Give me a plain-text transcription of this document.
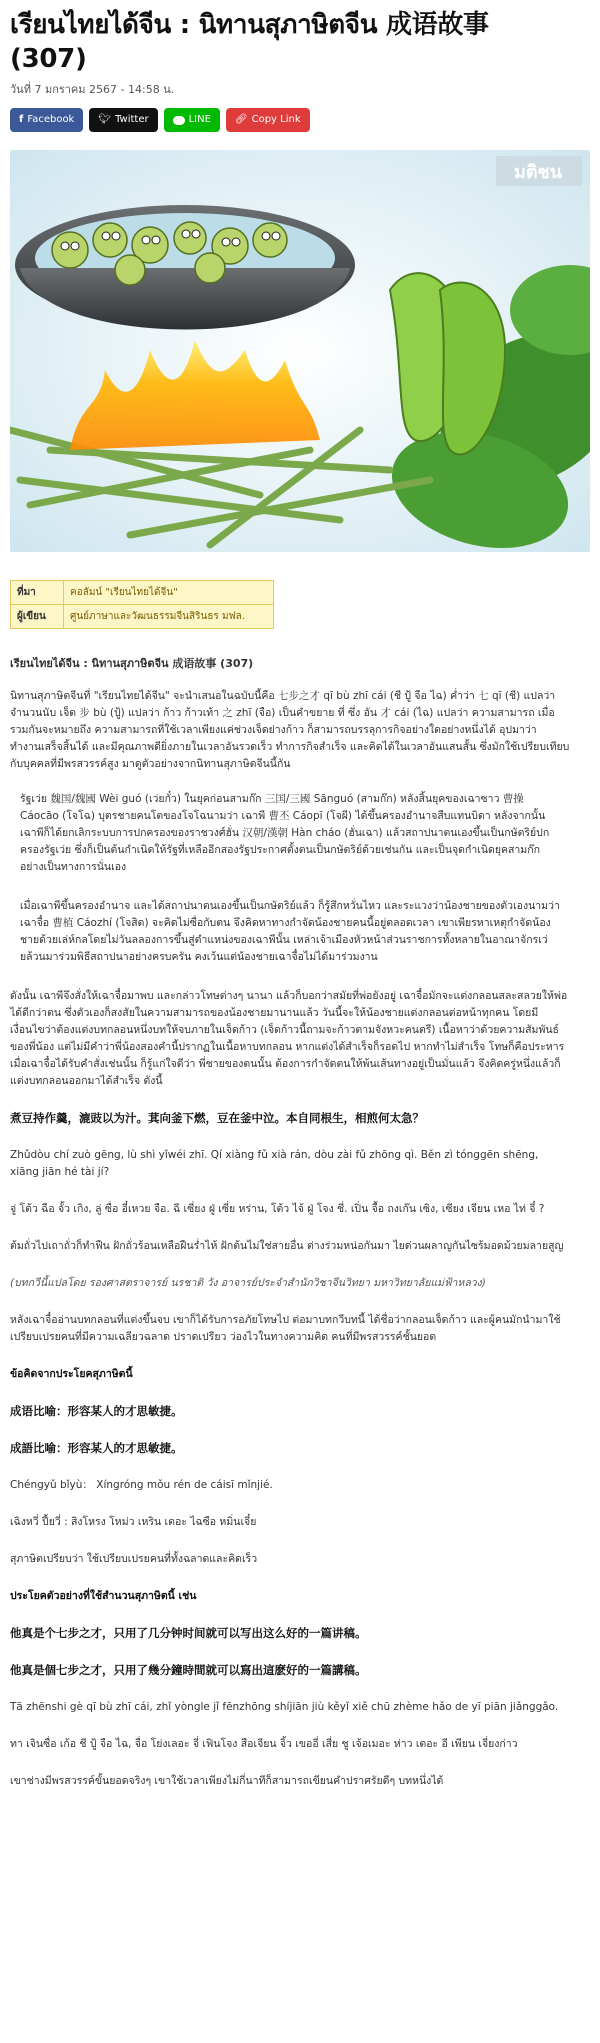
เรียนไทยได้จีน : นิทานสุภาษิตจีน 成语故事 (307)
วันที่ 7 มกราคม 2567 - 14:58 น.
f Facebook 🐦︎ Twitter	LINE 🔗︎ Copy Link
มติชน
ที่มา	คอลัมน์ "เรียนไทยได้จีน"
ผู้เขียน	ศูนย์ภาษาและวัฒนธรรมจีนสิรินธร มฟล.

เรียนไทยได้จีน : นิทานสุภาษิตจีน 成语故事 (307)

นิทานสุภาษิตจีนที่ "เรียนไทยได้จีน" จะนำเสนอในฉบับนี้คือ 七步之才 qī bù zhī cái (ชี ปู้ จือ ไฉ) ค่ำว่า 七 qī (ชี) แปลว่า จำนวนนับ เจ็ด 步 bù (ปู้) แปลว่า ก้าว ก้าวเท้า 之 zhī (จือ) เป็นคำขยาย ที่ ซึ่ง อัน 才 cái (ไฉ) แปลว่า ความสามารถ เมื่อรวมกันจะหมายถึง ความสามารถที่ใช้เวลาเพียงแค่ช่วงเจ็ดย่างก้าว ก็สามารถบรรลุการกิจอย่างใดอย่างหนึ่งได้ อุปมาว่า ทำงานเสร็จสิ้นได้ และมีคุณภาพดียิ่งภายในเวลาอันรวดเร็ว ทำการกิจสำเร็จ และคิดได้ในเวลาอันแสนสั้น ซึ่งมักใช้เปรียบเทียบกับบุคคลที่มีพรสวรรค์สูง มาดูตัวอย่างจากนิทานสุภาษิตจีนนี้กัน

รัฐเว่ย 魏国/魏國 Wèi guó (เว่ยกั๋ว) ในยุคก่อนสามก๊ก 三国/三國 Sānguó (สามก๊ก) หลังสิ้นยุคของเฉาซาว 曹操 Cáocāo (โจโฉ) บุตรชายคนโตของโจโฉนามว่า เฉาพี 曹丕 Cáopī (โจผี) ได้ขึ้นครองอำนาจสืบแทนบิดา หลังจากนั้นเฉาพีก็ได้ยกเลิกระบบการปกครองของราชวงศ์ฮั่น 汉朝/漢朝 Hàn cháo (ฮั่นเฉา) แล้วสถาปนาตนเองขึ้นเป็นกษัตริย์ปกครองรัฐเว่ย ซึ่งก็เป็นต้นกำเนิดให้รัฐที่เหลืออีกสองรัฐประกาศตั้งตนเป็นกษัตริย์ด้วยเช่นกัน และเป็นจุดกำเนิดยุคสามก๊กอย่างเป็นทางการนั่นเอง

เมื่อเฉาพีขึ้นครองอำนาจ และได้สถาปนาตนเองขึ้นเป็นกษัตริย์แล้ว ก็รู้สึกหวั่นไหว และระแวงว่าน้องชายของตัวเองนามว่า เฉาจื๋อ 曹植 Cáozhí (โจสิด) จะคิดไม่ซื่อกับตน จึงคิดหาทางกำจัดน้องชายคนนี้อยู่ตลอดเวลา เขาเพียรหาเหตุกำจัดน้องชายด้วยเล่ห์กลโดยไม่วันลลองการขึ้นสู่ตำแหน่งของเฉาพีนั้น เหล่าเจ้าเมืองหัวหน้าส่วนราชการทั้งหลายในอาณาจักรเว่ยล้วนมาร่วมพิธีสถาปนาอย่างครบครัน คงเว้นแต่น้องชายเฉาจื๋อไม่ได้มาร่วมงาน

ดังนั้น เฉาพีจึงสั่งให้เฉาจื๋อมาพบ และกล่าวโทษต่างๆ นานา แล้วก็บอกว่าสมัยที่พ่อยังอยู่ เฉาจื๋อมักจะแต่งกลอนสละสลวยให้พ่อได้ดีกว่าตน ซึ่งตัวเองก็สงสัยในความสามารถของน้องชายมานานแล้ว วันนี้จะให้น้องชายแต่งกลอนต่อหน้าทุกคน โดยมีเงื่อนไขว่าต้องแต่งบทกลอนหนึ่งบทให้จบภายในเจ็ดก้าว (เจ็ดก้าวนี้ถามจะก้าวตามจังหวะคนตรี) เนื้อหาว่าด้วยความสัมพันธ์ของพี่น้อง แต่ไม่มีคำว่าพี่น้องสองคำนี้ปรากฏในเนื้อหาบทกลอน หากแต่งได้สำเร็จก็รอดไป หากทำไม่สำเร็จ โทษก็คือประหาร เมื่อเฉาจื๋อได้รับคำสั่งเช่นนั้น ก็รู้แก่ใจดีว่า พี่ชายของตนนั้น ต้องการกำจัดตนให้พ้นเส้นทางอยู่เป็นมั่นแล้ว จึงคิดครู่หนึ่งแล้วก็แต่งบทกลอนออกมาได้สำเร็จ ดังนี้

煮豆持作羹，漉豉以为汁。萁向釜下燃，豆在釜中泣。本自同根生，相煎何太急？

Zhǔdòu chí zuò gēng, lù shì yǐwéi zhī. Qí xiàng fǔ xià rán, dòu zài fǔ zhōng qì. Běn zì tónggēn shēng, xiāng jiān hé tài jí?

จู่ โต้ว ฉือ จั้ว เกิง, ลู่ ซื่อ อี๋เหวย จือ. ฉี เซี่ยง ฝู่ เซี่ย หร่าน, โต้ว ไจ้ ฝู่ โจง ชี่. เปิ่น จื้อ ถงเก๊น เซิง, เซียง เจียน เหอ ไท่ จี๋ ?

ต้มถั่วไปเถาถั่วก็ทำฟืน ฝักถั่วร้อนเหลือฝืนร่ำไห้ ฝักต้นไม่ใช่สายอื่น ต่างร่วมหน่อกันมา ไยด่วนผลาญกันไซร้มอดม้วยมลายสูญ

(บทกวีนี้แปลโดย รองศาสตราจารย์ นรชาติ วัง อาจารย์ประจำสำนักวิชาจีนวิทยา มหาวิทยาลัยแม่ฟ้าหลวง)

หลังเฉาจื๋ออ่านบทกลอนที่แต่งขึ้นจบ เขาก็ได้รับการอภัยโทษไป ต่อมาบทกวีบทนี้ ได้ชื่อว่ากลอนเจ็ดก้าว และผู้คนมักนำมาใช้เปรียบเปรยคนที่มีความเฉลียวฉลาด ปราดเปรียว ว่องไวในทางความคิด คนที่มีพรสวรรค์ชั้นยอด

ข้อคิดจากประโยคสุภาษิตนี้

成语比喻：形容某人的才思敏捷。

成語比喻：形容某人的才思敏捷。

Chéngyǔ bǐyù： Xíngróng mǒu rén de cáisī mǐnjié.

เฉิงหวี่ ปี้ยวี่ : สิงโหรง โหม่ว เหริน เตอะ ไฉซือ หมิ่นเจี๋ย

สุภาษิตเปรียบว่า ใช้เปรียบเปรยคนที่ทั้งฉลาดและคิดเร็ว

ประโยคตัวอย่างที่ใช้สำนวนสุภาษิตนี้ เช่น

他真是个七步之才，只用了几分钟时间就可以写出这么好的一篇讲稿。

他真是個七步之才，只用了幾分鐘時間就可以寫出這麽好的一篇講稿。

Tā zhēnshi gè qī bù zhī cái, zhǐ yòngle jǐ fēnzhōng shíjiān jiù kěyǐ xiě chū zhème hǎo de yī piān jiǎnggǎo.

ทา เจินซื่อ เก้อ ชี ปู้ จือ ไฉ, จื่อ โย่งเลอะ จี่ เฟินโจง สือเจียน จิ้ว เขออี่ เสี่ย ชู เจ้อเมอะ ห่าว เตอะ อี เพียน เจี่ยงก่าว

เขาช่างมีพรสวรรค์ขั้นยอดจริงๆ เขาใช้เวลาเพียงไม่กี่นาทีก็สามารถเขียนคำปราศรัยดีๆ บทหนึ่งได้
